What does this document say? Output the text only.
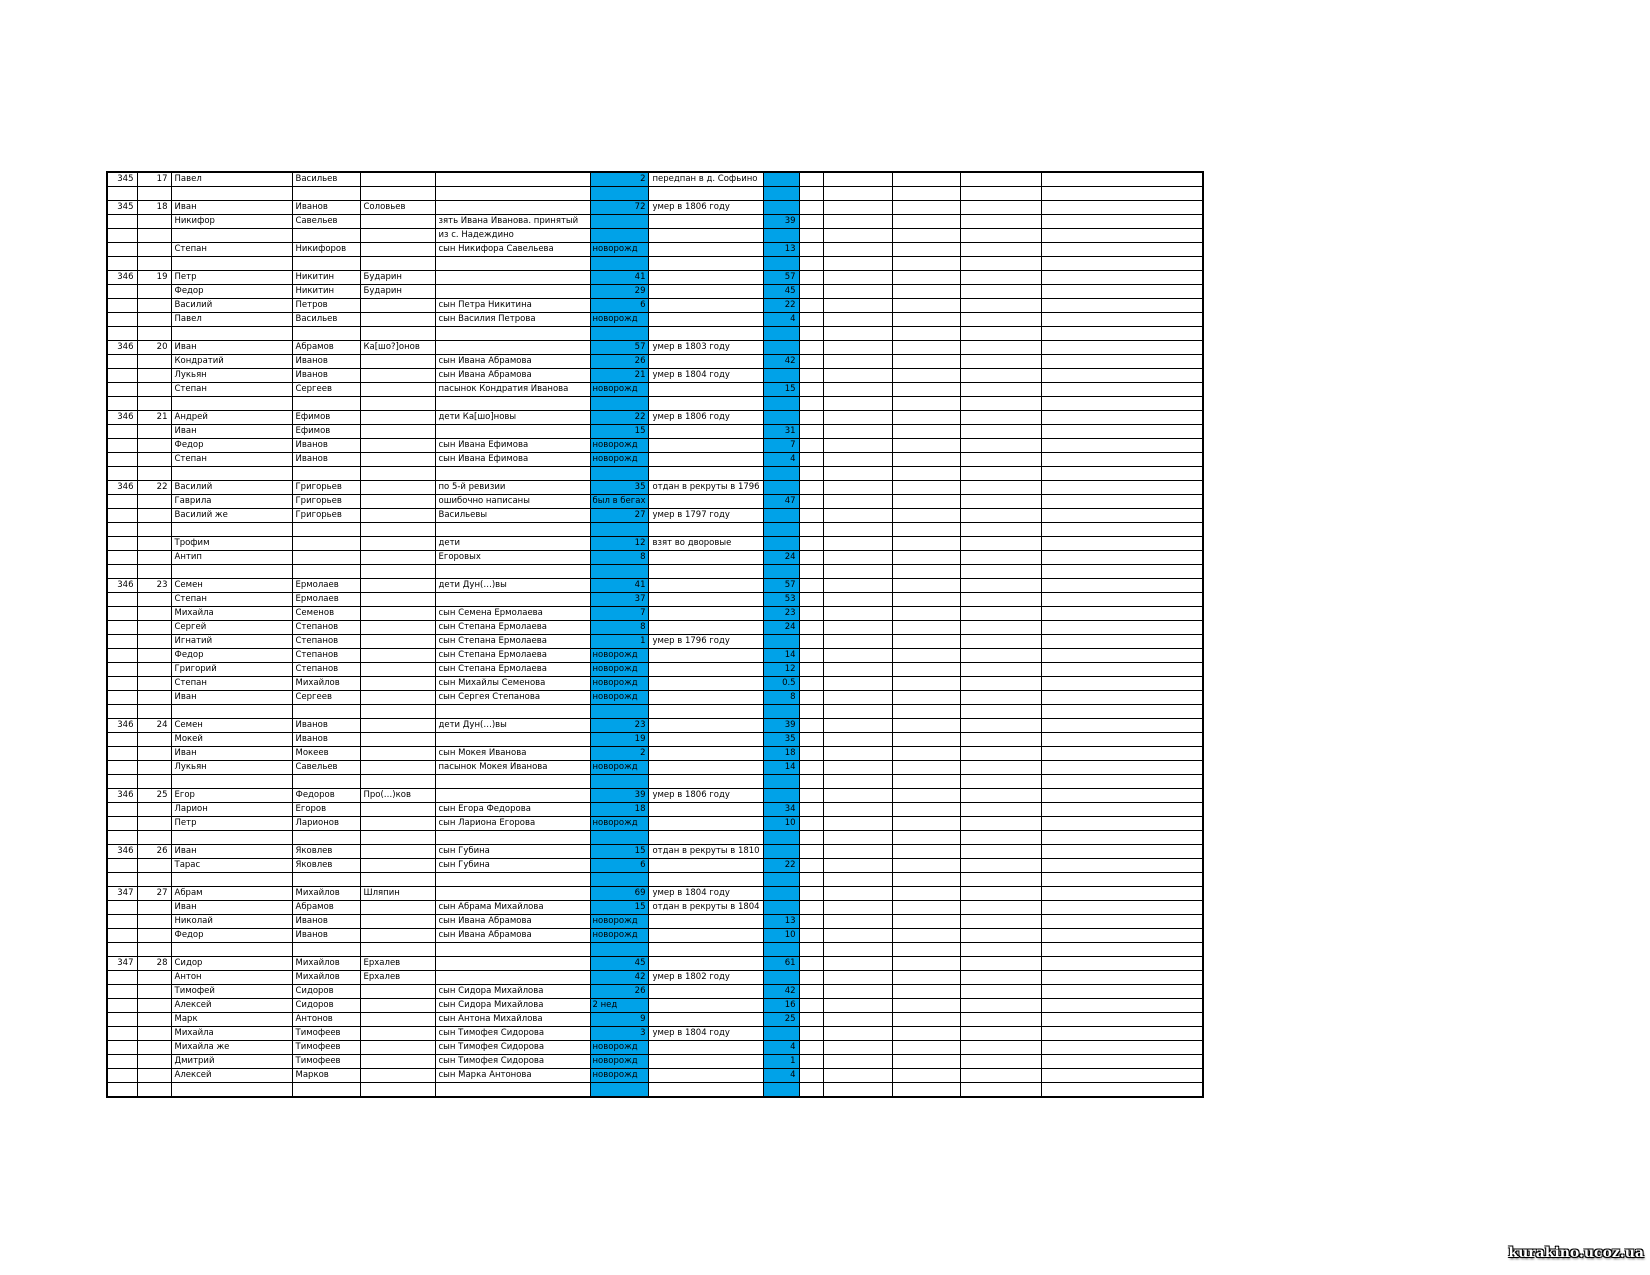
345	17	Павел	Васильев			2	передпан в д. Софьино						

345	18	Иван	Иванов	Соловьев		72	умер в 1806 году						
		Никифор	Савельев		зять Ивана Иванова. принятый			39					
					из с. Надеждино								
		Степан	Никифоров		сын Никифора Савельева	новорожд		13					

346	19	Петр	Никитин	Бударин		41		57					
		Федор	Никитин	Бударин		29		45					
		Василий	Петров		сын Петра Никитина	6		22					
		Павел	Васильев		сын Василия Петрова	новорожд		4					

346	20	Иван	Абрамов	Ка[шо?]онов		57	умер в 1803 году						
		Кондратий	Иванов		сын Ивана Абрамова	26		42					
		Лукьян	Иванов		сын Ивана Абрамова	21	умер в 1804 году						
		Степан	Сергеев		пасынок Кондратия Иванова	новорожд		15					

346	21	Андрей	Ефимов		дети Ка[шо]новы	22	умер в 1806 году						
		Иван	Ефимов			15		31					
		Федор	Иванов		сын Ивана Ефимова	новорожд		7					
		Степан	Иванов		сын Ивана Ефимова	новорожд		4					

346	22	Василий	Григорьев		по 5-й ревизии	35	отдан в рекруты в 1796						
		Гаврила	Григорьев		ошибочно написаны	был в бегах		47					
		Василий же	Григорьев		Васильевы	27	умер в 1797 году						

		Трофим			дети	12	взят во дворовые						
		Антип			Егоровых	8		24					

346	23	Семен	Ермолаев		дети Дун(…)вы	41		57					
		Степан	Ермолаев			37		53					
		Михайла	Семенов		сын Семена Ермолаева	7		23					
		Сергей	Степанов		сын Степана Ермолаева	8		24					
		Игнатий	Степанов		сын Степана Ермолаева	1	умер в 1796 году						
		Федор	Степанов		сын Степана Ермолаева	новорожд		14					
		Григорий	Степанов		сын Степана Ермолаева	новорожд		12					
		Степан	Михайлов		сын Михайлы Семенова	новорожд		0.5					
		Иван	Сергеев		сын Сергея Степанова	новорожд		8					

346	24	Семен	Иванов		дети Дун(…)вы	23		39					
		Мокей	Иванов			19		35					
		Иван	Мокеев		сын Мокея Иванова	2		18					
		Лукьян	Савельев		пасынок Мокея Иванова	новорожд		14					

346	25	Егор	Федоров	Про(…)ков		39	умер в 1806 году						
		Ларион	Егоров		сын Егора Федорова	18		34					
		Петр	Ларионов		сын Лариона Егорова	новорожд		10					

346	26	Иван	Яковлев		сын Губина	15	отдан в рекруты в 1810						
		Тарас	Яковлев		сын Губина	6		22					

347	27	Абрам	Михайлов	Шляпин		69	умер в 1804 году						
		Иван	Абрамов		сын Абрама Михайлова	15	отдан в рекруты в 1804						
		Николай	Иванов		сын Ивана Абрамова	новорожд		13					
		Федор	Иванов		сын Ивана Абрамова	новорожд		10					

347	28	Сидор	Михайлов	Ерхалев		45		61					
		Антон	Михайлов	Ерхалев		42	умер в 1802 году						
		Тимофей	Сидоров		сын Сидора Михайлова	26		42					
		Алексей	Сидоров		сын Сидора Михайлова	2 нед		16					
		Марк	Антонов		сын Антона Михайлова	9		25					
		Михайла	Тимофеев		сын Тимофея Сидорова	3	умер в 1804 году						
		Михайла же	Тимофеев		сын Тимофея Сидорова	новорожд		4					
		Дмитрий	Тимофеев		сын Тимофея Сидорова	новорожд		1					
		Алексей	Марков		сын Марка Антонова	новорожд		4					

kurakino.ucoz.ua
